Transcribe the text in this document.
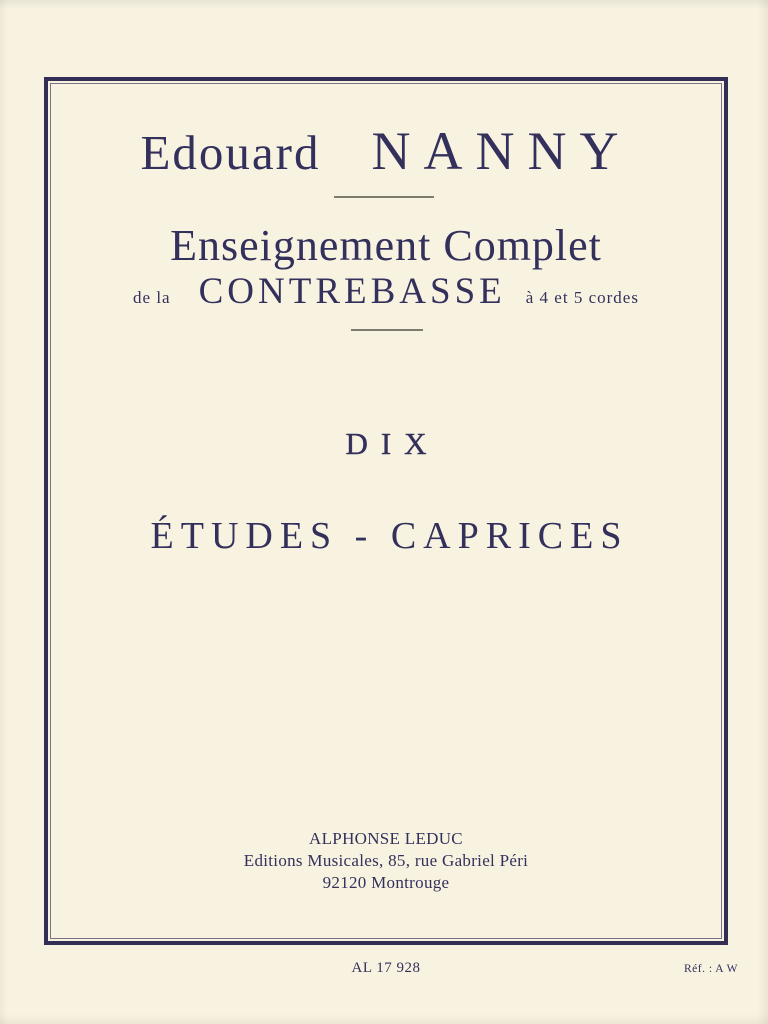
Edouard NANNY
Enseignement Complet
de la CONTREBASSE à 4 et 5 cordes
DIX
ÉTUDES - CAPRICES
ALPHONSE LEDUC
Editions Musicales, 85, rue Gabriel Péri
92120 Montrouge
AL 17 928	Réf. : A W
